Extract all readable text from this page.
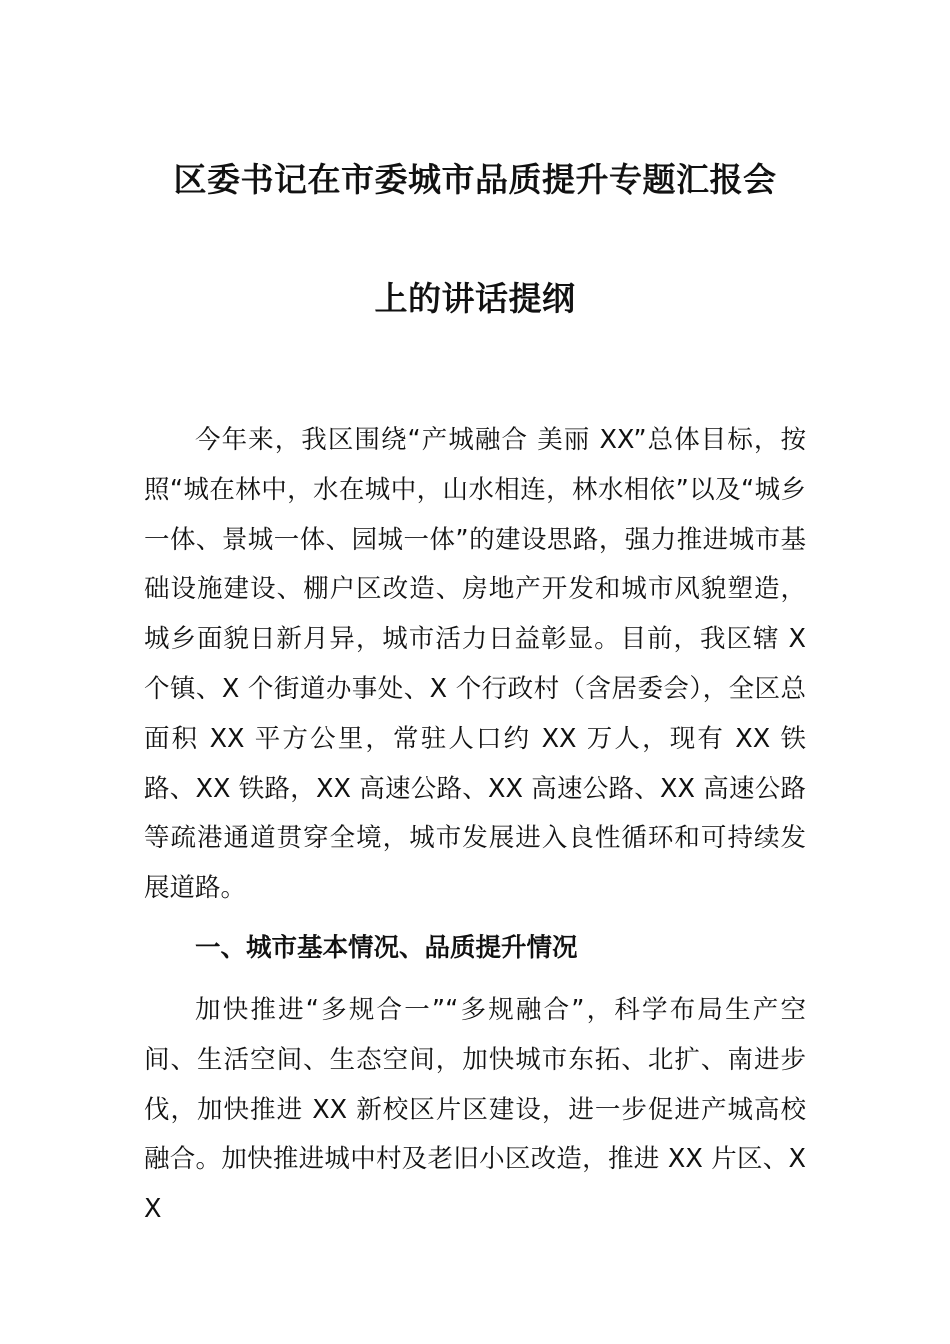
区委书记在市委城市品质提升专题汇报会
上的讲话提纲

今年来，我区围绕“产城融合 美丽 XX”总体目标，按照“城在林中，水在城中，山水相连，林水相依”以及“城乡一体、景城一体、园城一体”的建设思路，强力推进城市基础设施建设、棚户区改造、房地产开发和城市风貌塑造，城乡面貌日新月异，城市活力日益彰显。目前，我区辖 X 个镇、X 个街道办事处、X 个行政村（含居委会），全区总面积 XX 平方公里，常驻人口约 XX 万人，现有 XX 铁路、XX 铁路，XX 高速公路、XX 高速公路、XX 高速公路等疏港通道贯穿全境，城市发展进入良性循环和可持续发展道路。

一、城市基本情况、品质提升情况

加快推进“多规合一”“多规融合”，科学布局生产空间、生活空间、生态空间，加快城市东拓、北扩、南进步伐，加快推进 XX 新校区片区建设，进一步促进产城高校融合。加快推进城中村及老旧小区改造，推进 XX 片区、XX
